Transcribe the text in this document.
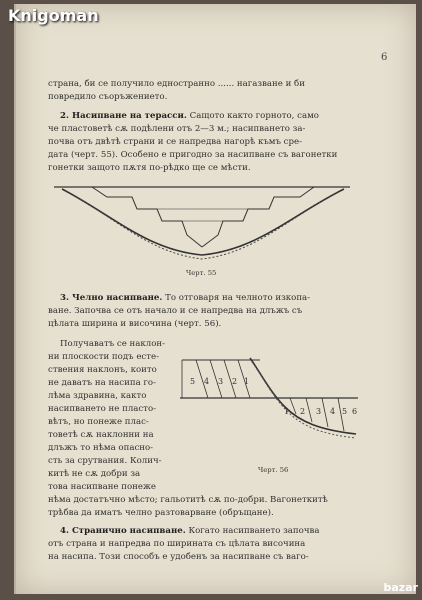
Knigoman
6
страна, би се получило едностранно ...... нагазване и би
повредило съоръжението.
2. Насипване на терасси. Сащото както горното, само
че пластоветѣ сѫ подѣлени отъ 2—3 м.; насипването за-
почва отъ двѣтѣ страни и се напредва нагорѣ къмъ сре-
дата (черт. 55). Особено е пригодно за насипване съ вагонетки
гонетки защото пѫтя по-рѣдко ще се мѣсти.
Черт. 55
3. Челно насипване. То отговаря на челното изкопа-
ване. Започва се отъ начало и се напредва на длъжъ съ
цѣлата ширина и височина (черт. 56).
Получаватъ се наклон-
ни плоскости подъ есте-
ствения наклонъ, които
не даватъ на насипа го-
лѣма здравина, както
насипването не пласто-
вѣтъ, но понеже плас-
товетѣ сѫ наклонни на
длъжъ то нѣма опасно-
сть за срутвания. Колич-
китѣ не сѫ добри за
5 4 3 2 1
1 2 3 4 5 6
Черт. 56
това насипване понеже
нѣма достатъчно мѣсто; гальотитѣ сѫ по-добри. Вагонеткитѣ
трѣбва да иматъ челно разтоварване (обръщане).
4. Странично насипване. Когато насипването започва
отъ страна и напредва по ширината съ цѣлата височина
на насипа. Този способъ е удобенъ за насипване съ ваго-
bazar
